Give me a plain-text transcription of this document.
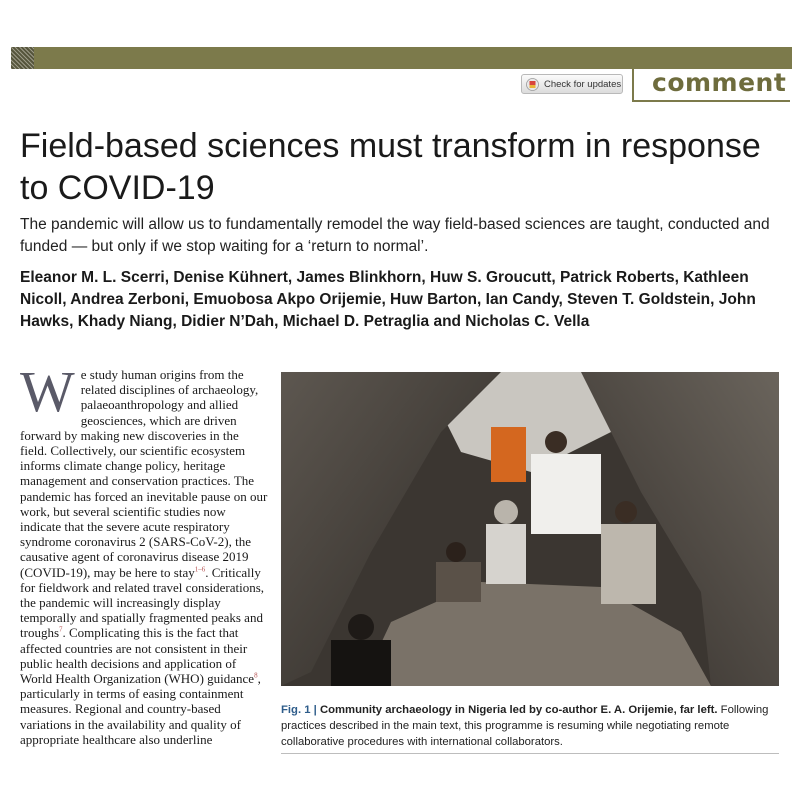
Check for updates	comment
Field-based sciences must transform in response to COVID-19

The pandemic will allow us to fundamentally remodel the way field-based sciences are taught, conducted and funded — but only if we stop waiting for a ‘return to normal’.

Eleanor M. L. Scerri, Denise Kühnert, James Blinkhorn, Huw S. Groucutt, Patrick Roberts, Kathleen Nicoll, Andrea Zerboni, Emuobosa Akpo Orijemie, Huw Barton, Ian Candy, Steven T. Goldstein, John Hawks, Khady Niang, Didier N’Dah, Michael D. Petraglia and Nicholas C. Vella

We study human origins from the related disciplines of archaeology, palaeoanthropology and allied geosciences, which are driven forward by making new discoveries in the field. Collectively, our scientific ecosystem informs climate change policy, heritage management and conservation practices. The pandemic has forced an inevitable pause on our work, but several scientific studies now indicate that the severe acute respiratory syndrome coronavirus 2 (SARS-CoV-2), the causative agent of coronavirus disease 2019 (COVID-19), may be here to stay$^{1-6}$. Critically for fieldwork and related travel considerations, the pandemic will increasingly display temporally and spatially fragmented peaks and troughs$^7$. Complicating this is the fact that affected countries are not consistent in their public health decisions and application of World Health Organization (WHO) guidance$^8$, particularly in terms of easing containment measures. Regional and country-based variations in the availability and quality of appropriate healthcare also underline

Fig. 1 | Community archaeology in Nigeria led by co-author E. A. Orijemie, far left. Following practices described in the main text, this programme is resuming while negotiating remote collaborative procedures with international collaborators.
